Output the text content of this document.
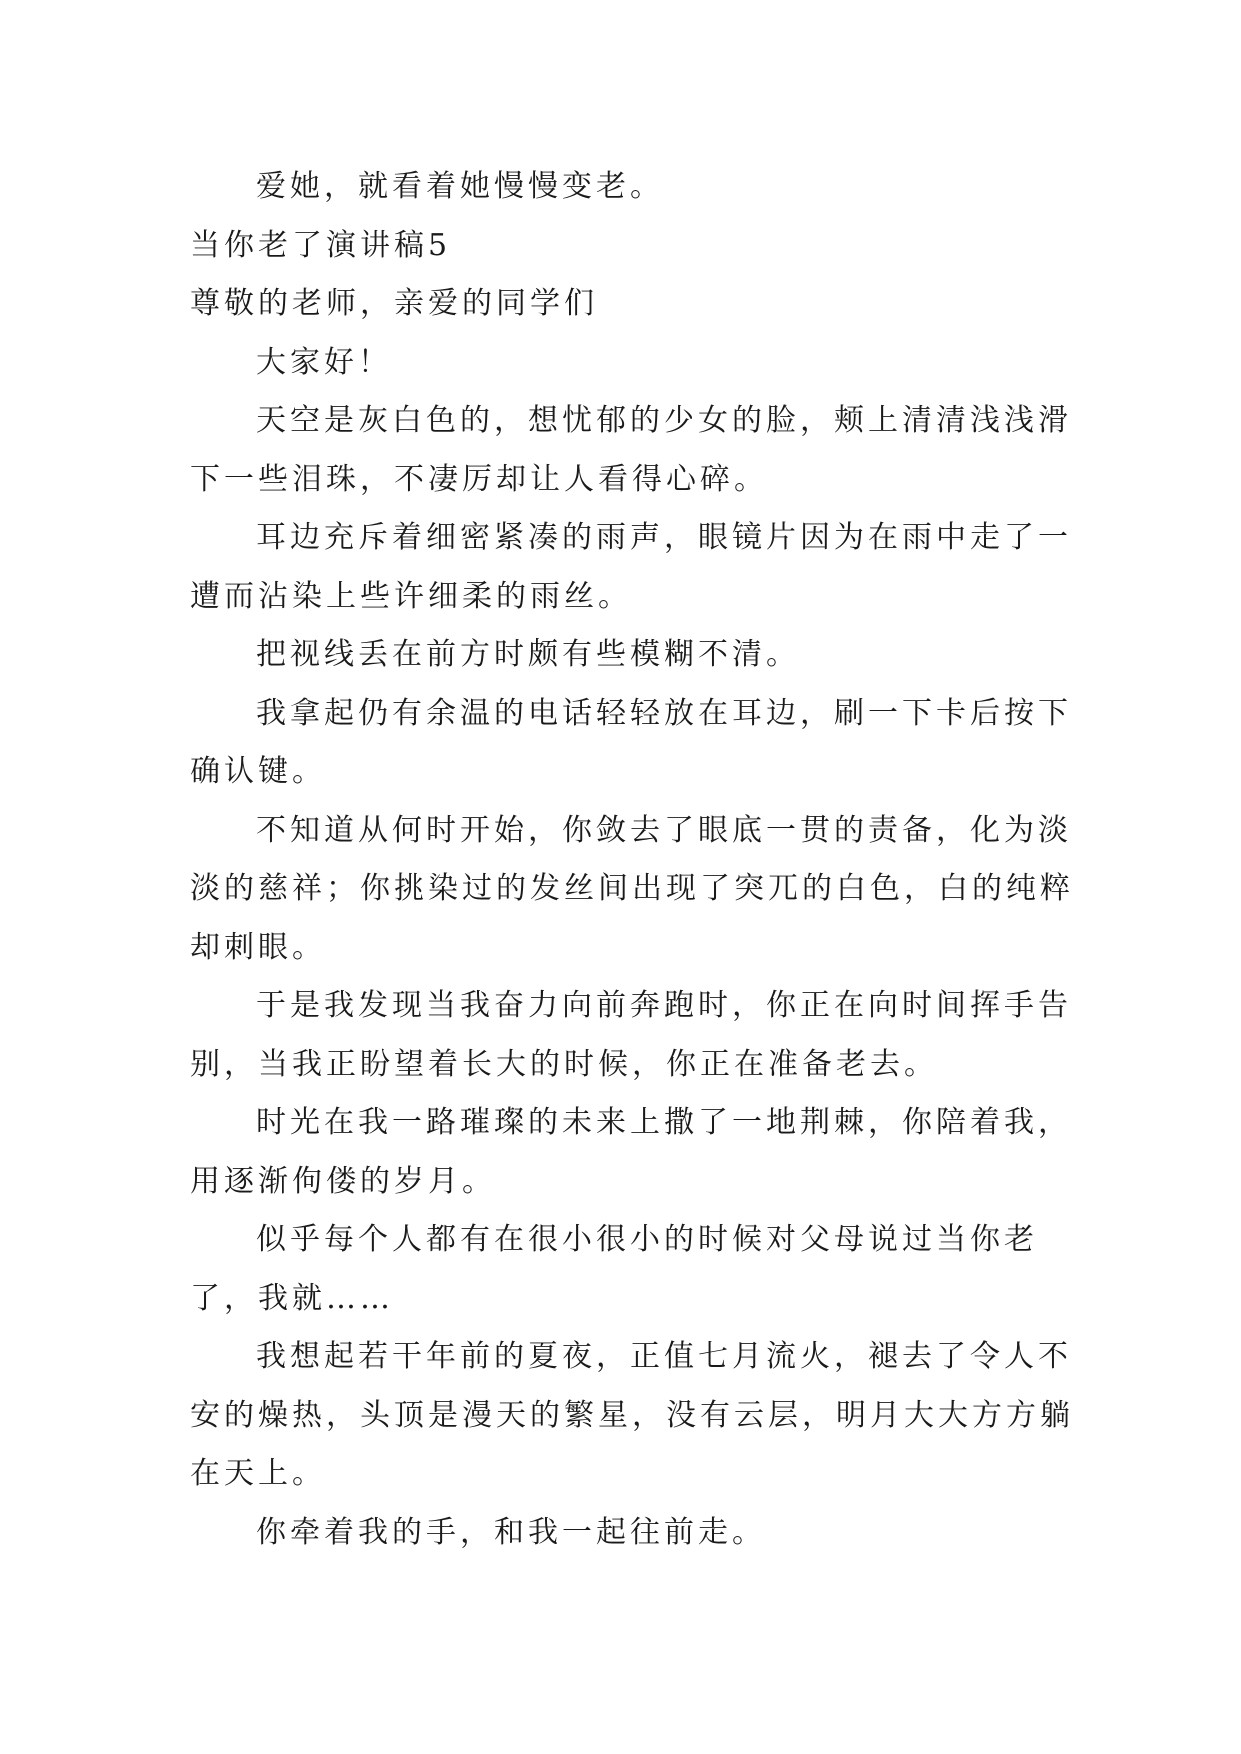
爱她，就看着她慢慢变老。
当你老了演讲稿5
尊敬的老师，亲爱的同学们
大家好！
天空是灰白色的，想忧郁的少女的脸，颊上清清浅浅滑
下一些泪珠，不凄厉却让人看得心碎。
耳边充斥着细密紧凑的雨声，眼镜片因为在雨中走了一
遭而沾染上些许细柔的雨丝。
把视线丢在前方时颇有些模糊不清。
我拿起仍有余温的电话轻轻放在耳边，刷一下卡后按下
确认键。
不知道从何时开始，你敛去了眼底一贯的责备，化为淡
淡的慈祥；你挑染过的发丝间出现了突兀的白色，白的纯粹
却刺眼。
于是我发现当我奋力向前奔跑时，你正在向时间挥手告
别，当我正盼望着长大的时候，你正在准备老去。
时光在我一路璀璨的未来上撒了一地荆棘，你陪着我，
用逐渐佝偻的岁月。
似乎每个人都有在很小很小的时候对父母说过当你老
了，我就……
我想起若干年前的夏夜，正值七月流火，褪去了令人不
安的燥热，头顶是漫天的繁星，没有云层，明月大大方方躺
在天上。
你牵着我的手，和我一起往前走。
